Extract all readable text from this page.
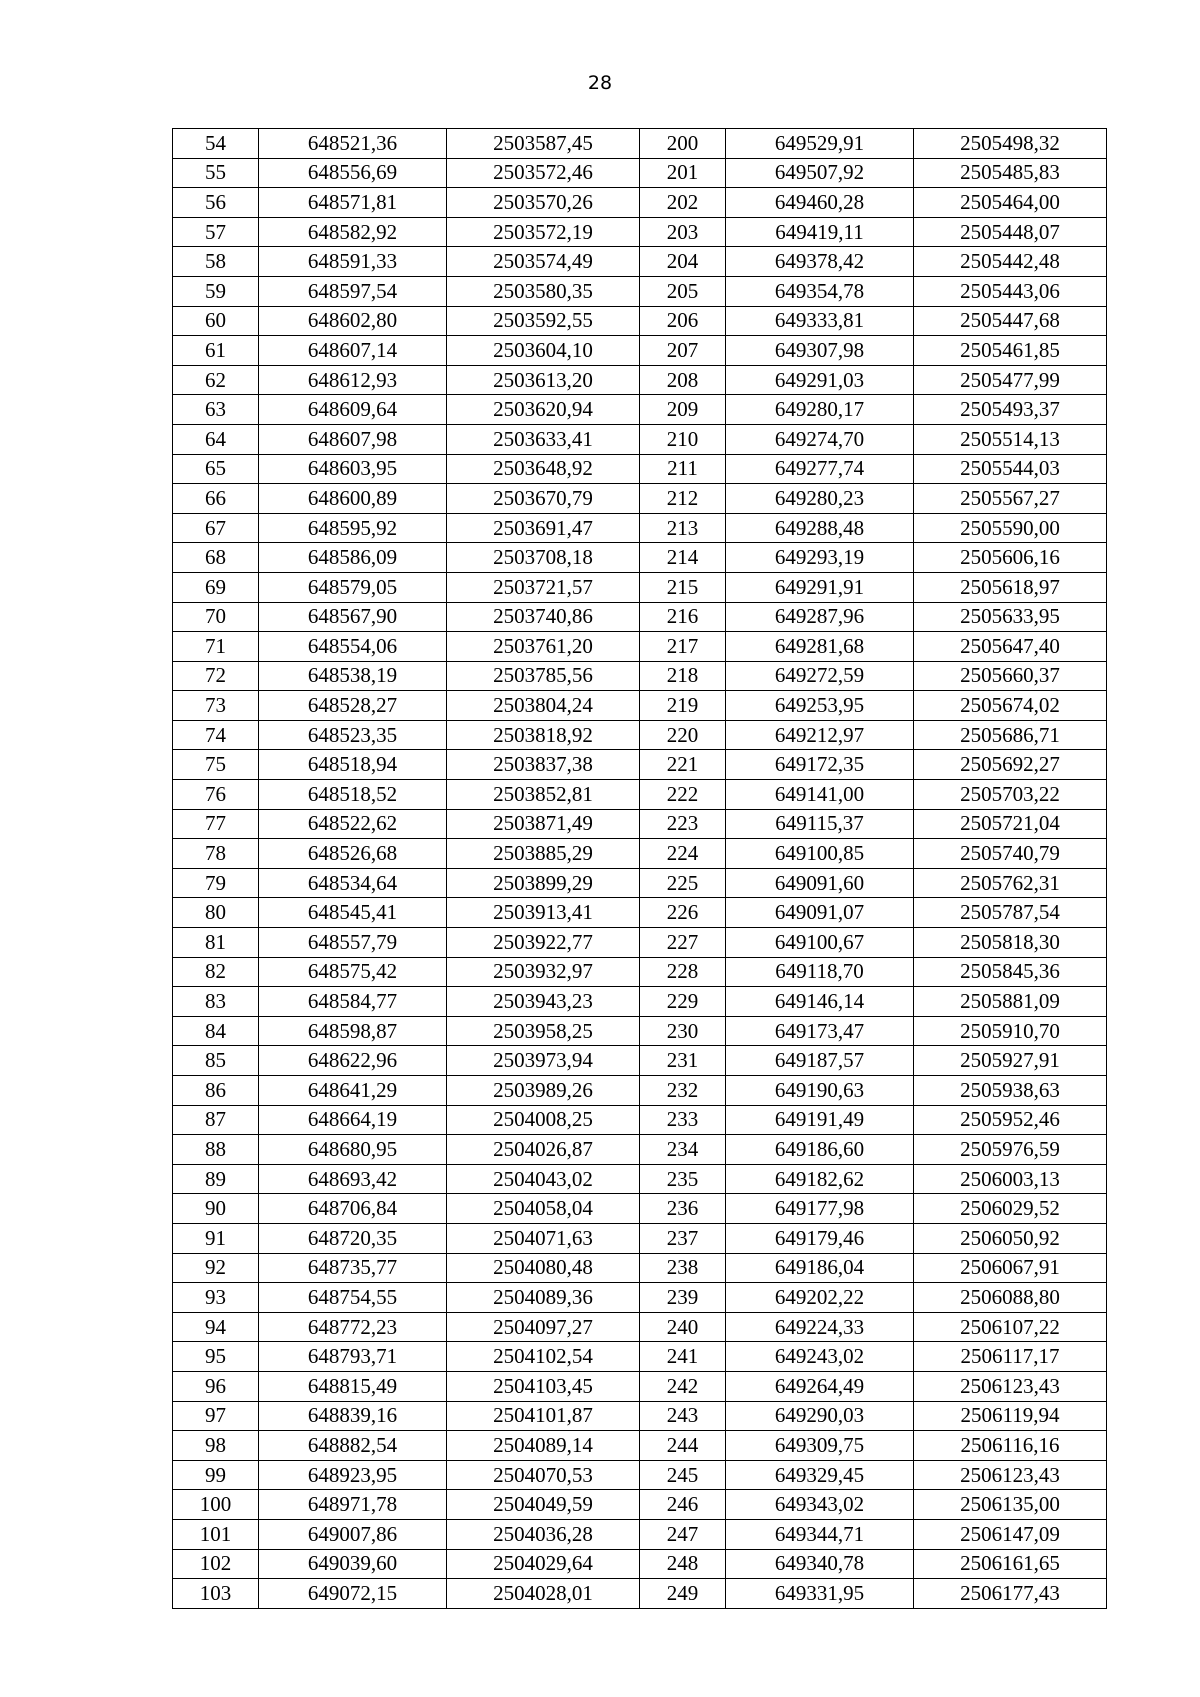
28
54	648521,36	2503587,45	200	649529,91	2505498,32
55	648556,69	2503572,46	201	649507,92	2505485,83
56	648571,81	2503570,26	202	649460,28	2505464,00
57	648582,92	2503572,19	203	649419,11	2505448,07
58	648591,33	2503574,49	204	649378,42	2505442,48
59	648597,54	2503580,35	205	649354,78	2505443,06
60	648602,80	2503592,55	206	649333,81	2505447,68
61	648607,14	2503604,10	207	649307,98	2505461,85
62	648612,93	2503613,20	208	649291,03	2505477,99
63	648609,64	2503620,94	209	649280,17	2505493,37
64	648607,98	2503633,41	210	649274,70	2505514,13
65	648603,95	2503648,92	211	649277,74	2505544,03
66	648600,89	2503670,79	212	649280,23	2505567,27
67	648595,92	2503691,47	213	649288,48	2505590,00
68	648586,09	2503708,18	214	649293,19	2505606,16
69	648579,05	2503721,57	215	649291,91	2505618,97
70	648567,90	2503740,86	216	649287,96	2505633,95
71	648554,06	2503761,20	217	649281,68	2505647,40
72	648538,19	2503785,56	218	649272,59	2505660,37
73	648528,27	2503804,24	219	649253,95	2505674,02
74	648523,35	2503818,92	220	649212,97	2505686,71
75	648518,94	2503837,38	221	649172,35	2505692,27
76	648518,52	2503852,81	222	649141,00	2505703,22
77	648522,62	2503871,49	223	649115,37	2505721,04
78	648526,68	2503885,29	224	649100,85	2505740,79
79	648534,64	2503899,29	225	649091,60	2505762,31
80	648545,41	2503913,41	226	649091,07	2505787,54
81	648557,79	2503922,77	227	649100,67	2505818,30
82	648575,42	2503932,97	228	649118,70	2505845,36
83	648584,77	2503943,23	229	649146,14	2505881,09
84	648598,87	2503958,25	230	649173,47	2505910,70
85	648622,96	2503973,94	231	649187,57	2505927,91
86	648641,29	2503989,26	232	649190,63	2505938,63
87	648664,19	2504008,25	233	649191,49	2505952,46
88	648680,95	2504026,87	234	649186,60	2505976,59
89	648693,42	2504043,02	235	649182,62	2506003,13
90	648706,84	2504058,04	236	649177,98	2506029,52
91	648720,35	2504071,63	237	649179,46	2506050,92
92	648735,77	2504080,48	238	649186,04	2506067,91
93	648754,55	2504089,36	239	649202,22	2506088,80
94	648772,23	2504097,27	240	649224,33	2506107,22
95	648793,71	2504102,54	241	649243,02	2506117,17
96	648815,49	2504103,45	242	649264,49	2506123,43
97	648839,16	2504101,87	243	649290,03	2506119,94
98	648882,54	2504089,14	244	649309,75	2506116,16
99	648923,95	2504070,53	245	649329,45	2506123,43
100	648971,78	2504049,59	246	649343,02	2506135,00
101	649007,86	2504036,28	247	649344,71	2506147,09
102	649039,60	2504029,64	248	649340,78	2506161,65
103	649072,15	2504028,01	249	649331,95	2506177,43
